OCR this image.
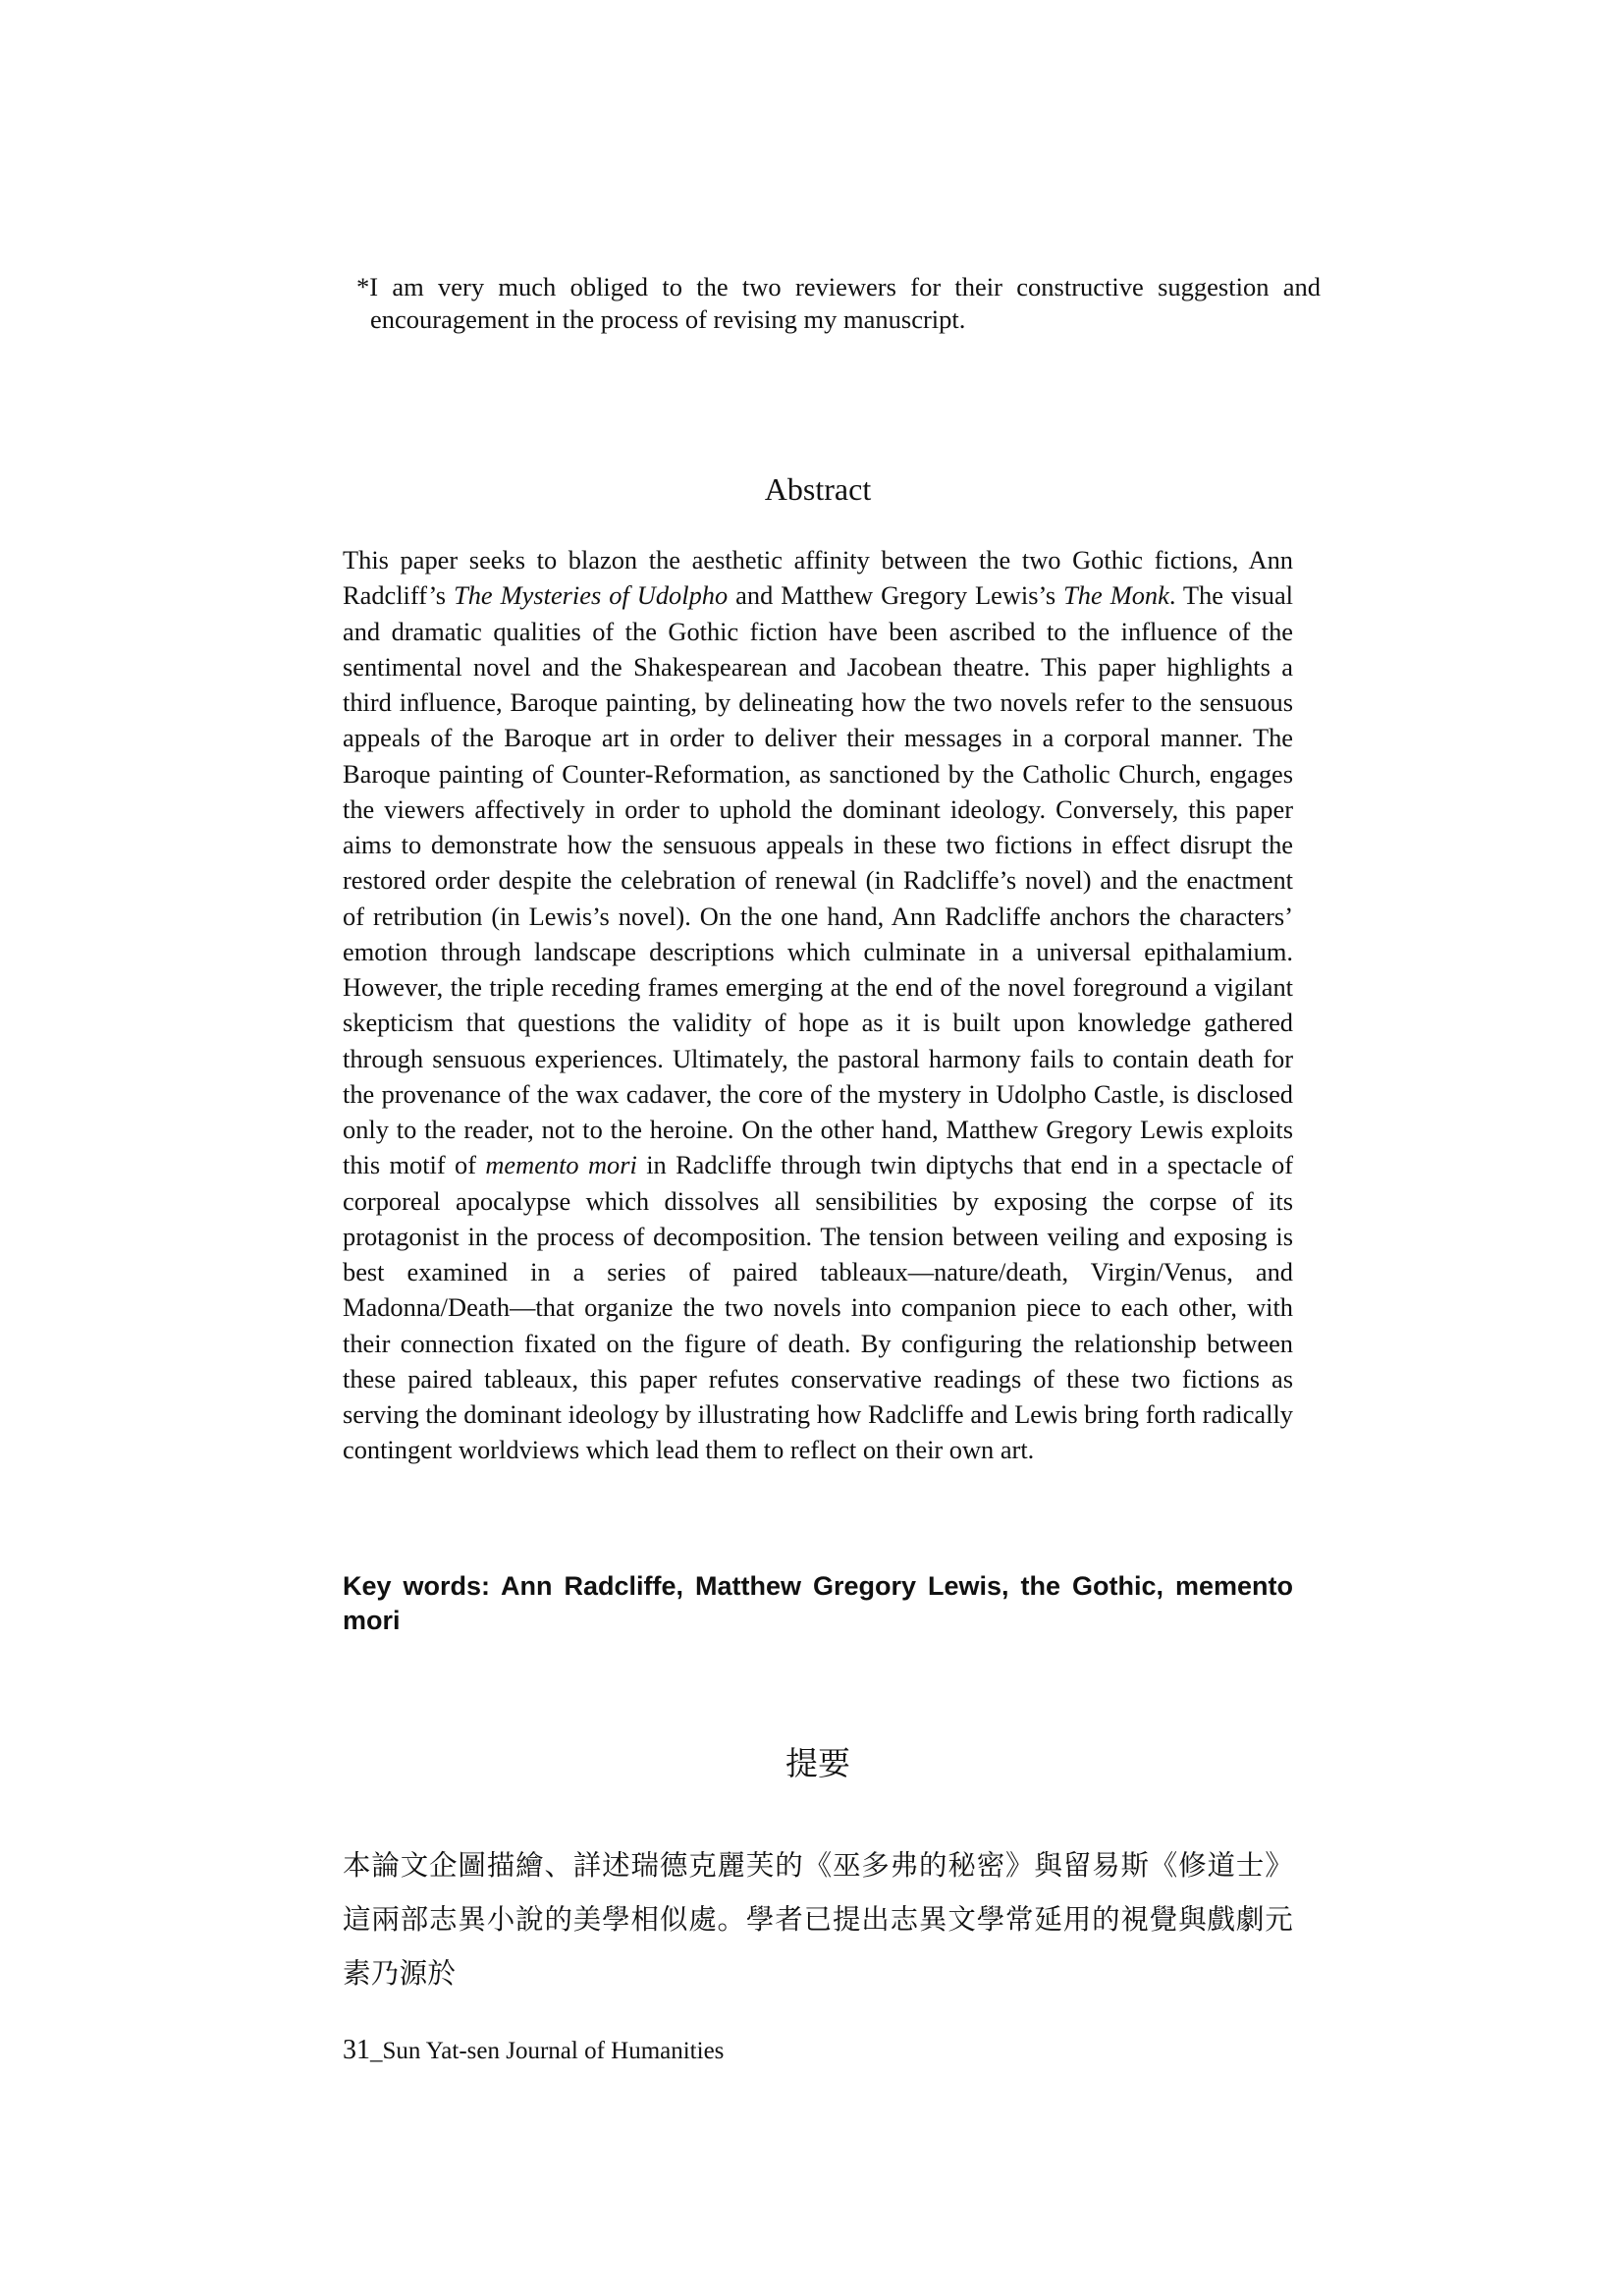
*I am very much obliged to the two reviewers for their constructive suggestion and encouragement in the process of revising my manuscript.
Abstract

This paper seeks to blazon the aesthetic affinity between the two Gothic fictions, Ann Radcliff’s The Mysteries of Udolpho and Matthew Gregory Lewis’s The Monk. The visual and dramatic qualities of the Gothic fiction have been ascribed to the influence of the sentimental novel and the Shakespearean and Jacobean theatre. This paper highlights a third influence, Baroque painting, by delineating how the two novels refer to the sensuous appeals of the Baroque art in order to deliver their messages in a corporal manner. The Baroque painting of Counter-Reformation, as sanctioned by the Catholic Church, engages the viewers affectively in order to uphold the dominant ideology. Conversely, this paper aims to demonstrate how the sensuous appeals in these two fictions in effect disrupt the restored order despite the celebration of renewal (in Radcliffe’s novel) and the enactment of retribution (in Lewis’s novel). On the one hand, Ann Radcliffe anchors the characters’ emotion through landscape descriptions which culminate in a universal epithalamium. However, the triple receding frames emerging at the end of the novel foreground a vigilant skepticism that questions the validity of hope as it is built upon knowledge gathered through sensuous experiences. Ultimately, the pastoral harmony fails to contain death for the provenance of the wax cadaver, the core of the mystery in Udolpho Castle, is disclosed only to the reader, not to the heroine. On the other hand, Matthew Gregory Lewis exploits this motif of memento mori in Radcliffe through twin diptychs that end in a spectacle of corporeal apocalypse which dissolves all sensibilities by exposing the corpse of its protagonist in the process of decomposition. The tension between veiling and exposing is best examined in a series of paired tableaux—nature/death, Virgin/Venus, and Madonna/Death—that organize the two novels into companion piece to each other, with their connection fixated on the figure of death. By configuring the relationship between these paired tableaux, this paper refutes conservative readings of these two fictions as serving the dominant ideology by illustrating how Radcliffe and Lewis bring forth radically contingent worldviews which lead them to reflect on their own art.

Key words: Ann Radcliffe, Matthew Gregory Lewis, the Gothic, memento mori

提要

本論文企圖描繪、詳述瑞德克麗芙的《巫多弗的秘密》與留易斯《修道士》這兩部志異小說的美學相似處。學者已提出志異文學常延用的視覺與戲劇元素乃源於

31_Sun Yat-sen Journal of Humanities
